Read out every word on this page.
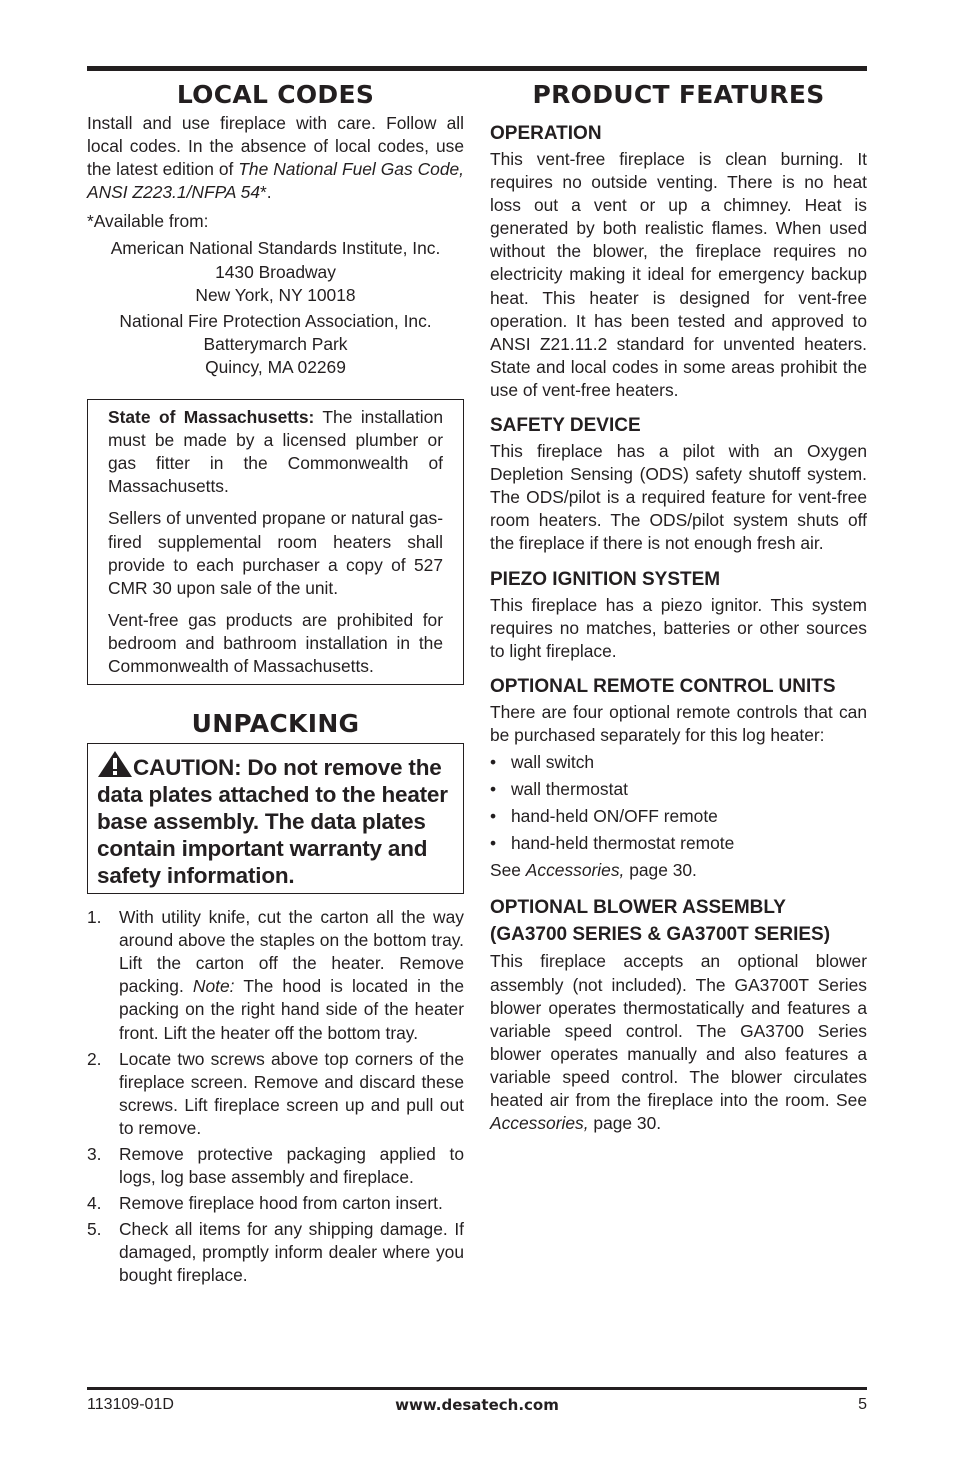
LOCAL CODES

Install and use fireplace with care. Follow all local codes. In the absence of local codes, use the latest edition of The National Fuel Gas Code, ANSI Z223.1/NFPA 54*.

*Available from:

American National Standards Institute, Inc.

1430 Broadway

New York, NY 10018

National Fire Protection Association, Inc.

Batterymarch Park

Quincy, MA 02269

State of Massachusetts: The installation must be made by a licensed plumber or gas fitter in the Commonwealth of Massachusetts.

Sellers of unvented propane or natural gas-fired supplemental room heaters shall provide to each purchaser a copy of 527 CMR 30 upon sale of the unit.

Vent-free gas products are prohibited for bedroom and bathroom installation in the Commonwealth of Massachusetts.

UNPACKING

CAUTION: Do not remove the data plates attached to the heater base assembly. The data plates contain important warranty and safety information.

1.	With utility knife, cut the carton all the way around above the staples on the bottom tray. Lift the carton off the heater. Remove packing. Note: The hood is located in the packing on the right hand side of the heater front. Lift the heater off the bottom tray.
2.	Locate two screws above top corners of the fireplace screen. Remove and discard these screws. Lift fireplace screen up and pull out to remove.
3.	Remove protective packaging applied to logs, log base assembly and fireplace.
4.	Remove fireplace hood from carton insert.
5.	Check all items for any shipping damage. If damaged, promptly inform dealer where you bought fireplace.
PRODUCT FEATURES
OPERATION

This vent-free fireplace is clean burning. It requires no outside venting. There is no heat loss out a vent or up a chimney. Heat is generated by both realistic flames. When used without the blower, the fireplace requires no electricity making it ideal for emergency backup heat. This heater is designed for vent-free operation. It has been tested and approved to ANSI Z21.11.2 standard for unvented heaters. State and local codes in some areas prohibit the use of vent-free heaters.

SAFETY DEVICE

This fireplace has a pilot with an Oxygen Depletion Sensing (ODS) safety shutoff system. The ODS/pilot is a required feature for vent-free room heaters. The ODS/pilot system shuts off the fireplace if there is not enough fresh air.

PIEZO IGNITION SYSTEM

This fireplace has a piezo ignitor. This system requires no matches, batteries or other sources to light fireplace.

OPTIONAL REMOTE CONTROL UNITS

There are four optional remote controls that can be purchased separately for this log heater:

• wall switch
• wall thermostat
• hand-held ON/OFF remote
• hand-held thermostat remote

See Accessories, page 30.

OPTIONAL BLOWER ASSEMBLY (GA3700 SERIES & GA3700T SERIES)

This fireplace accepts an optional blower assembly (not included). The GA3700T Series blower operates thermostatically and features a variable speed control. The GA3700 Series blower operates manually and also features a variable speed control. The blower circulates heated air from the fireplace into the room. See Accessories, page 30.

113109-01D	www.desatech.com	5
